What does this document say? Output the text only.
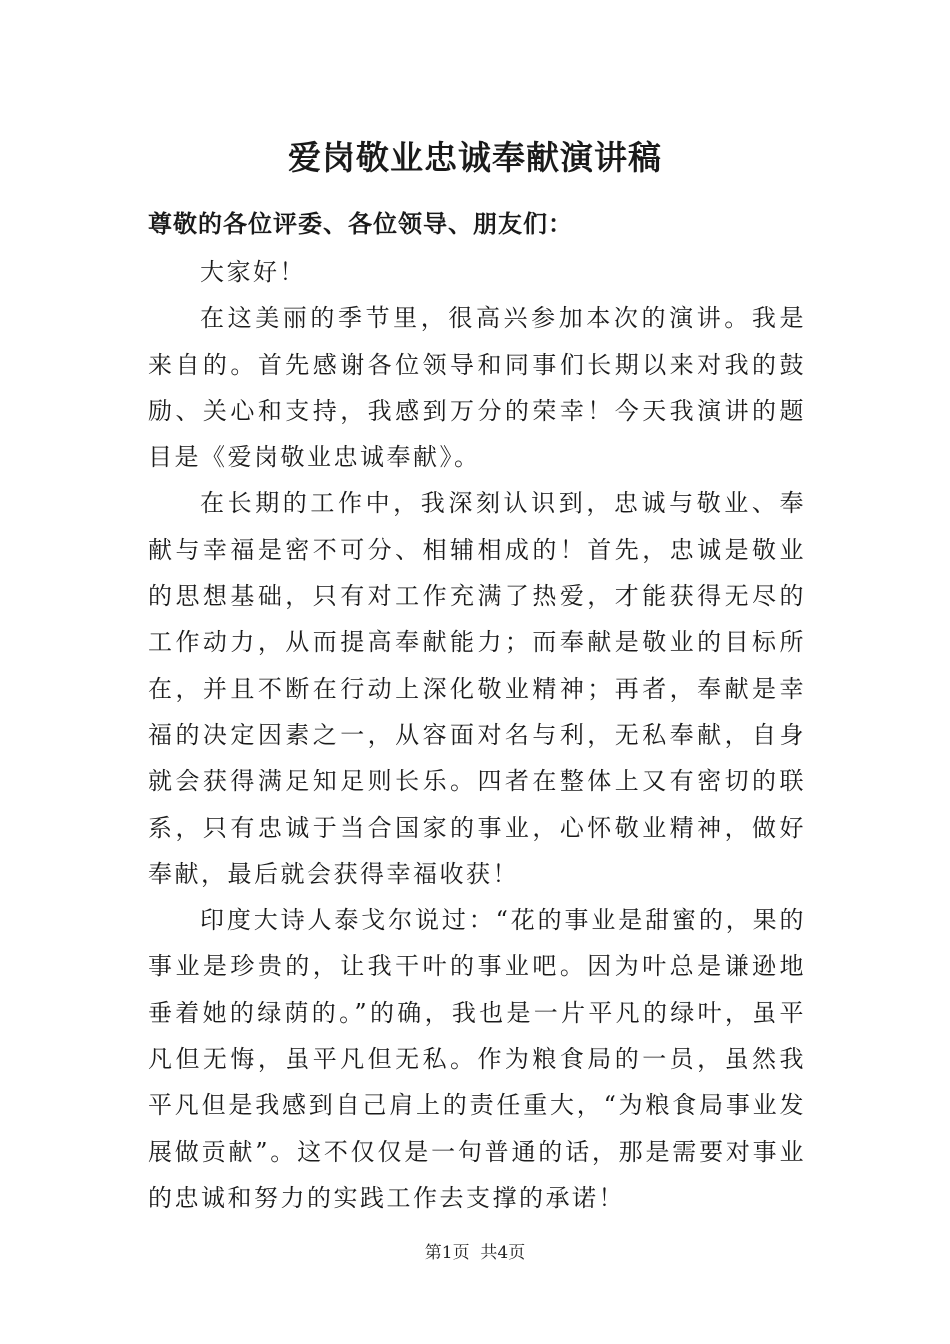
爱岗敬业忠诚奉献演讲稿
尊敬的各位评委、各位领导、朋友们：

大家好！

在这美丽的季节里，很高兴参加本次的演讲。我是来自的。首先感谢各位领导和同事们长期以来对我的鼓励、关心和支持，我感到万分的荣幸！今天我演讲的题目是《爱岗敬业忠诚奉献》。

在长期的工作中，我深刻认识到，忠诚与敬业、奉献与幸福是密不可分、相辅相成的！首先，忠诚是敬业的思想基础，只有对工作充满了热爱，才能获得无尽的工作动力，从而提高奉献能力；而奉献是敬业的目标所在，并且不断在行动上深化敬业精神；再者，奉献是幸福的决定因素之一，从容面对名与利，无私奉献，自身就会获得满足知足则长乐。四者在整体上又有密切的联系，只有忠诚于当合国家的事业，心怀敬业精神，做好奉献，最后就会获得幸福收获！

印度大诗人泰戈尔说过：“花的事业是甜蜜的，果的事业是珍贵的，让我干叶的事业吧。因为叶总是谦逊地垂着她的绿荫的。”的确，我也是一片平凡的绿叶，虽平凡但无悔，虽平凡但无私。作为粮食局的一员，虽然我平凡但是我感到自己肩上的责任重大，“为粮食局事业发展做贡献”。这不仅仅是一句普通的话，那是需要对事业的忠诚和努力的实践工作去支撑的承诺！

第1页  共4页
